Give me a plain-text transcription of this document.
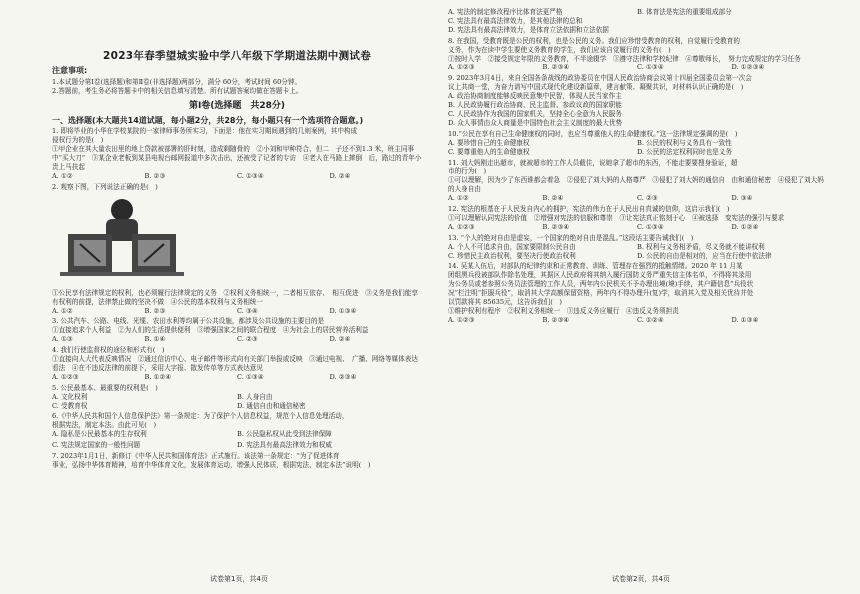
2023年春季望城实验中学八年级下学期道法期中测试卷
注意事项:

1.本试题分第Ⅰ卷(选择题)和第Ⅱ卷(非选择题)两部分，满分 60分，考试时间 60分钟。

2.答题前，考生务必将答题卡中的相关信息填写清楚。所有试题答案均做在答题卡上。

第Ⅰ卷(选择题　共28分)
一、选择题(本大题共14道试题，每小题2分，共28分，每小题只有一个选项符合题意。)

1. 即将毕业的小华在学校某院的一家律师事务所实习，下面是：他在实习期间遇到的几则案例，其中构成

侵权行为的是(　)

①甲企业在其大量农田里的地上贷款被部署的肝时刻，造成剩随骨的　②小刘和甲种符合，但二　子还不到1.3 米，班主同事中“买大刀”　③某企业老板到某县电视台邮网报道中多次击出，还被受了记者的专访　④老人在马路上摔倒　后，路过的青年小贵上马扶起　

A. ①②	B. ②③	C. ①③④	D. ②④

2. 观察下图，下列说法正确的是(　)

①公民享有法律规定的权利，也必须履行法律规定的义务　②权利义务相统一，二者相互依存、　相互促进　③义务是我们能享有权利的前提，法律禁止做的坚决不做　④公民的基本权利与义务相统一　

A. ①②	B. ②③	C. ③④	D. ①③④

3. 公共汽车、公路、电线、光缆、农田水利等均属于公共设施，都涉及公共设施的主要目的是

①直接追求个人利益　②为人们的生活提供便利　③增强国家之间的联合程度　④为社会上的居民营养活利益　

A. ①③	B. ①④	C. ②③	D. ②④

4. 我们行使监督权的途径和形式有(　)

①直接向人大代表反映情况　②通过信访中心、电子邮件等形式向有关部门举报或反映　③通过电视、　广播、网络等媒体表达看法　④在不违反法律的前提下，采用大字报、散发传单等方式表达意见　

A. ①②③	B. ①②④	C. ①③④	D. ②③④

5. 公民最基本、最重要的权利是(　)

A. 文化权利	B. 人身自由
C. 受教育权	D. 通信自由和通信秘密

6.《中华人民共和国个人信息保护法》第一条规定：为了保护个人信息权益，规范个人信息处理活动，

根据宪法，制定本法。由此可见(　)

A. 隐私是公民最基本的生存权利	B. 公民隐私权从此受到法律保障
C. 宪法规定国家的一般性问题	D. 宪法具有最高法律效力和权威

7. 2023年1月1日，新修订《中华人民共和国体育法》正式施行。该法第一条规定：“为了促进体育

事业，弘扬中华体育精神，培育中华体育文化，发展体育运动，增强人民体质，根据宪法，制定本法”说明(　)

A. 宪法的制定修改程序比体育法更严格	B. 体育法是宪法的重要组成部分
C. 宪法具有最高法律效力，是其他法律的总和
D. 宪法具有最高法律效力，是体育立法依据和立法依据

8. 在我国，受教育既是公民的权利，也是公民的义务。我们应珍惜受教育的权利，自觉履行受教育的

义务，作为在读中学生要使义务教育的学生，我们应该自觉履行的义务有(　)

①按时入学　②接受规定年限的义务教育，不半途辍学　③遵守法律和学校纪律　④尊敬师长，　努力完成规定的学习任务　

A. ①②③	B. ②③④	C. ①③④	D. ①②③④

9. 2023年3月4日，来自全国各条战线的政协委员在中国人民政治协商会议第十四届全国委员会第一次会

议上共商一堂，为奋力谱写中国式现代化建设新篇章，建言献策、凝聚共识，对材料认识正确的是(　)

A. 政治协商制度能够反映民意集中民智，体现人民当家作主
B. 人民政协履行政治协商、民主监督、参政议政的国家职能
C. 人民政协作为我国的国家机关，坚持全心全意为人民服务
D. 众人事情由众人商量是中国特色社会主义制度的最大优势

10.“公民在享有自己生命健康权的同时，也应当尊重他人的生命健康权。”这一法律规定强调的是(　)

A. 要珍惜自己的生命健康权	B. 公民的权利与义务具有一致性
C. 要尊重他人的生命健康权	D. 公民的法定权利同时也是义务

11. 刘大妈刚走出超市，就被超市的工作人员截住，说她拿了超市的东西，不能走要要搜身验证，超

市的行为(　)

①可以理解，因为少了东西谁都会着急　②侵犯了刘大妈的人格尊严　③侵犯了刘大妈的通信自　由和通信秘密　④侵犯了刘大妈的人身自由　

A. ①②	B. ②④	C. ②③	D. ③④

12. 宪法的根基在于人民发自内心的拥护，宪法的伟力在于人民出自真诚的信仰，这启示我们(　)

①可以理解认同宪法的价值　②增强对宪法的信服和尊崇　③让宪法真正铭刻于心　④被选择　变宪法的强引与要求　

A. ①②③	B. ②③④	C. ①③④	D. ①②④

13. “个人的绝对自由是虚妄，一个国家的绝对自由是混乱。”这段话主要告诫我们(　)

A. 个人不可追求自由，国家要限制公民自由	B. 权利与义务相矛盾，尽义务就不能讲权利
C. 珍惜民主政治权利，要坚决行使政治权利	D. 公民的自由是相对的，应当在行使中依法律

14. 吴某入伍后，对部队的纪律约束和正常教育、训练、管理存在强烈的抵触情绪。2020 年 11 月某

团组黑兵役被部队作除名处理，其据区人民政府将其纳入履行国防义务严重失信主体名单，不得将其录用

为公务员或者参照公务员法管理的工作人员，两年内公民机关不予办理出境(境)手续，其户籍信息“兵役状

况”栏注明“拒服兵役”，取消其大学高额保留资格，两年内不得办理升(复)学，取消其入党及相关优待并处

以罚款将其 85635元，这告诉我们(　)

①维护权利有程序　②权利义务相统一　③违反义务应履行　④违反义务须担责　

A. ①②③	B. ②③④	C. ①②④	D. ①③④
试卷第1页，共4页	试卷第2页，共4页
